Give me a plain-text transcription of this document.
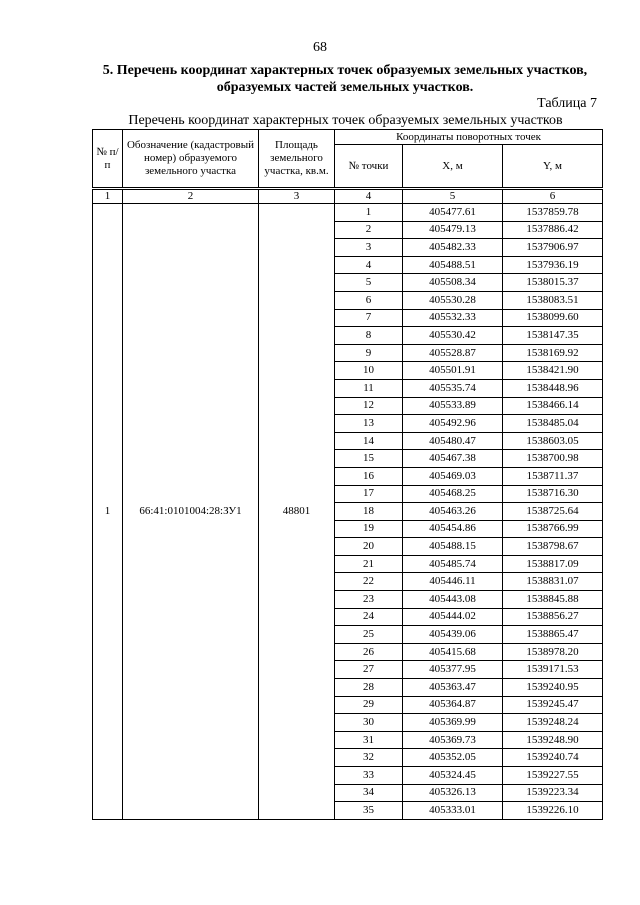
68
5. Перечень координат характерных точек образуемых земельных участков, образуемых частей земельных участков.
Таблица 7
Перечень координат характерных точек образуемых земельных участков
№ п/п	Обозначение (кадастровый номер) образуемого земельного участка	Площадь земельного участка, кв.м.	Координаты поворотных точек		
			№ точки	X, м	Y, м
1	2	3	4	5	6
1	66:41:0101004:28:ЗУ1	48801	1	405477.61	1537859.78
			2	405479.13	1537886.42
			3	405482.33	1537906.97
			4	405488.51	1537936.19
			5	405508.34	1538015.37
			6	405530.28	1538083.51
			7	405532.33	1538099.60
			8	405530.42	1538147.35
			9	405528.87	1538169.92
			10	405501.91	1538421.90
			11	405535.74	1538448.96
			12	405533.89	1538466.14
			13	405492.96	1538485.04
			14	405480.47	1538603.05
			15	405467.38	1538700.98
			16	405469.03	1538711.37
			17	405468.25	1538716.30
			18	405463.26	1538725.64
			19	405454.86	1538766.99
			20	405488.15	1538798.67
			21	405485.74	1538817.09
			22	405446.11	1538831.07
			23	405443.08	1538845.88
			24	405444.02	1538856.27
			25	405439.06	1538865.47
			26	405415.68	1538978.20
			27	405377.95	1539171.53
			28	405363.47	1539240.95
			29	405364.87	1539245.47
			30	405369.99	1539248.24
			31	405369.73	1539248.90
			32	405352.05	1539240.74
			33	405324.45	1539227.55
			34	405326.13	1539223.34
			35	405333.01	1539226.10
